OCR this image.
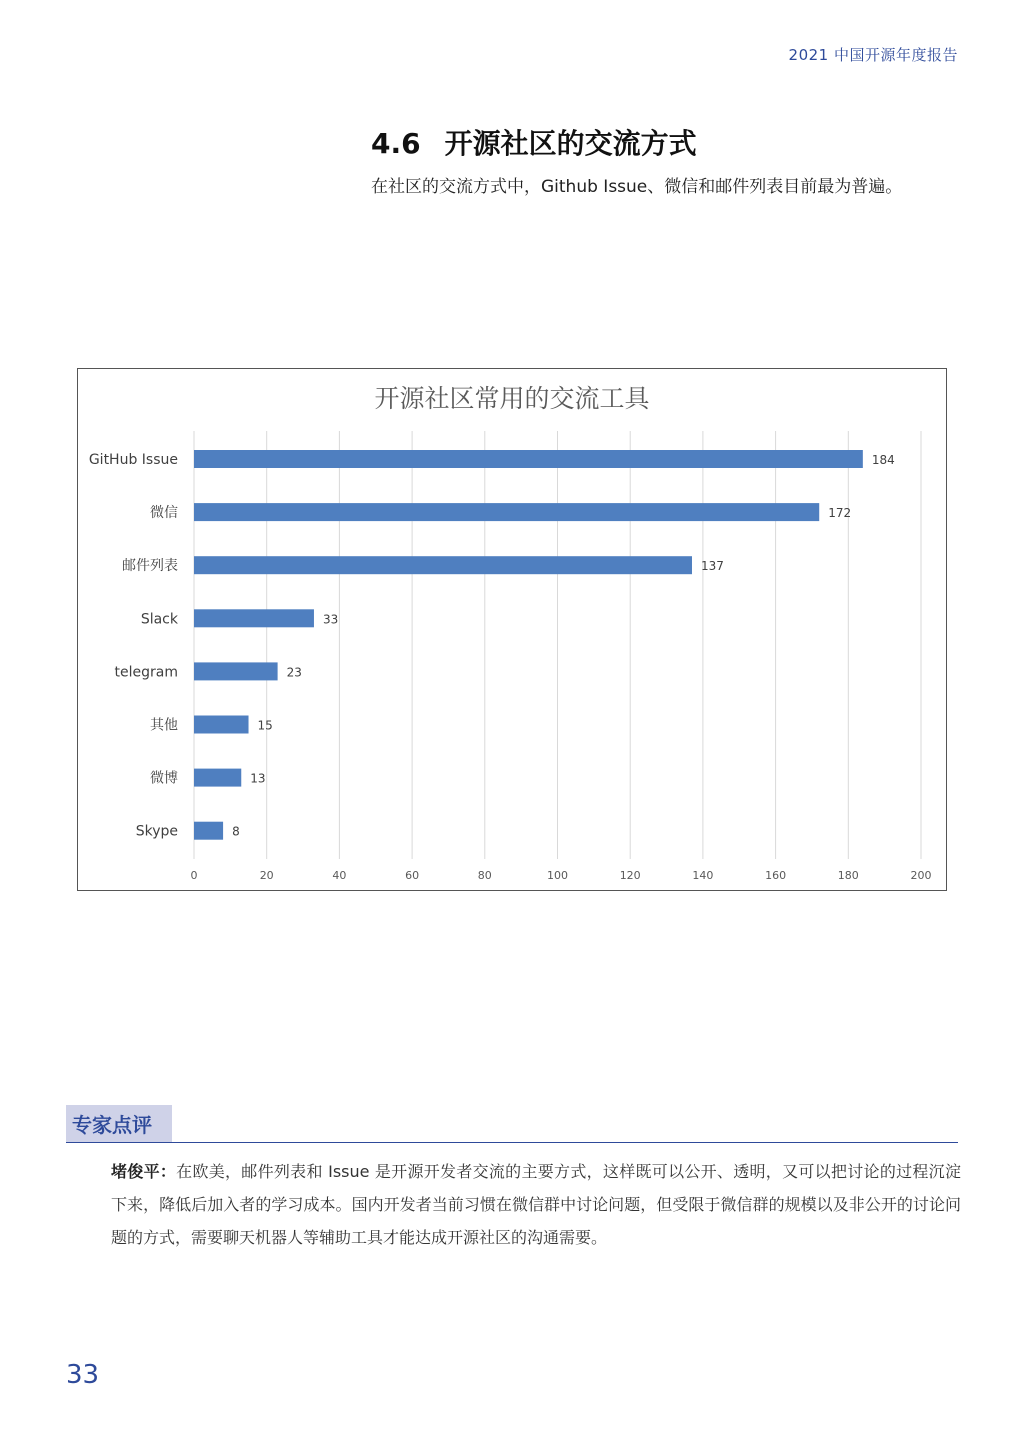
2021 中国开源年度报告
4.6 开源社区的交流方式
在社区的交流方式中，Github Issue、微信和邮件列表目前最为普遍。
GitHub Issue
微信
邮件列表
Slack
telegram
其他
微博
Skype
184
172
137
33
23
15
13
8
0	20	40	60	80	100	120	140	160	180	200
开源社区常用的交流工具
专家点评
堵俊平：在欧美，邮件列表和 Issue 是开源开发者交流的主要方式，这样既可以公开、透明，又可以把讨论的过程沉淀下来，降低后加入者的学习成本。国内开发者当前习惯在微信群中讨论问题，但受限于微信群的规模以及非公开的讨论问题的方式，需要聊天机器人等辅助工具才能达成开源社区的沟通需要。
33
